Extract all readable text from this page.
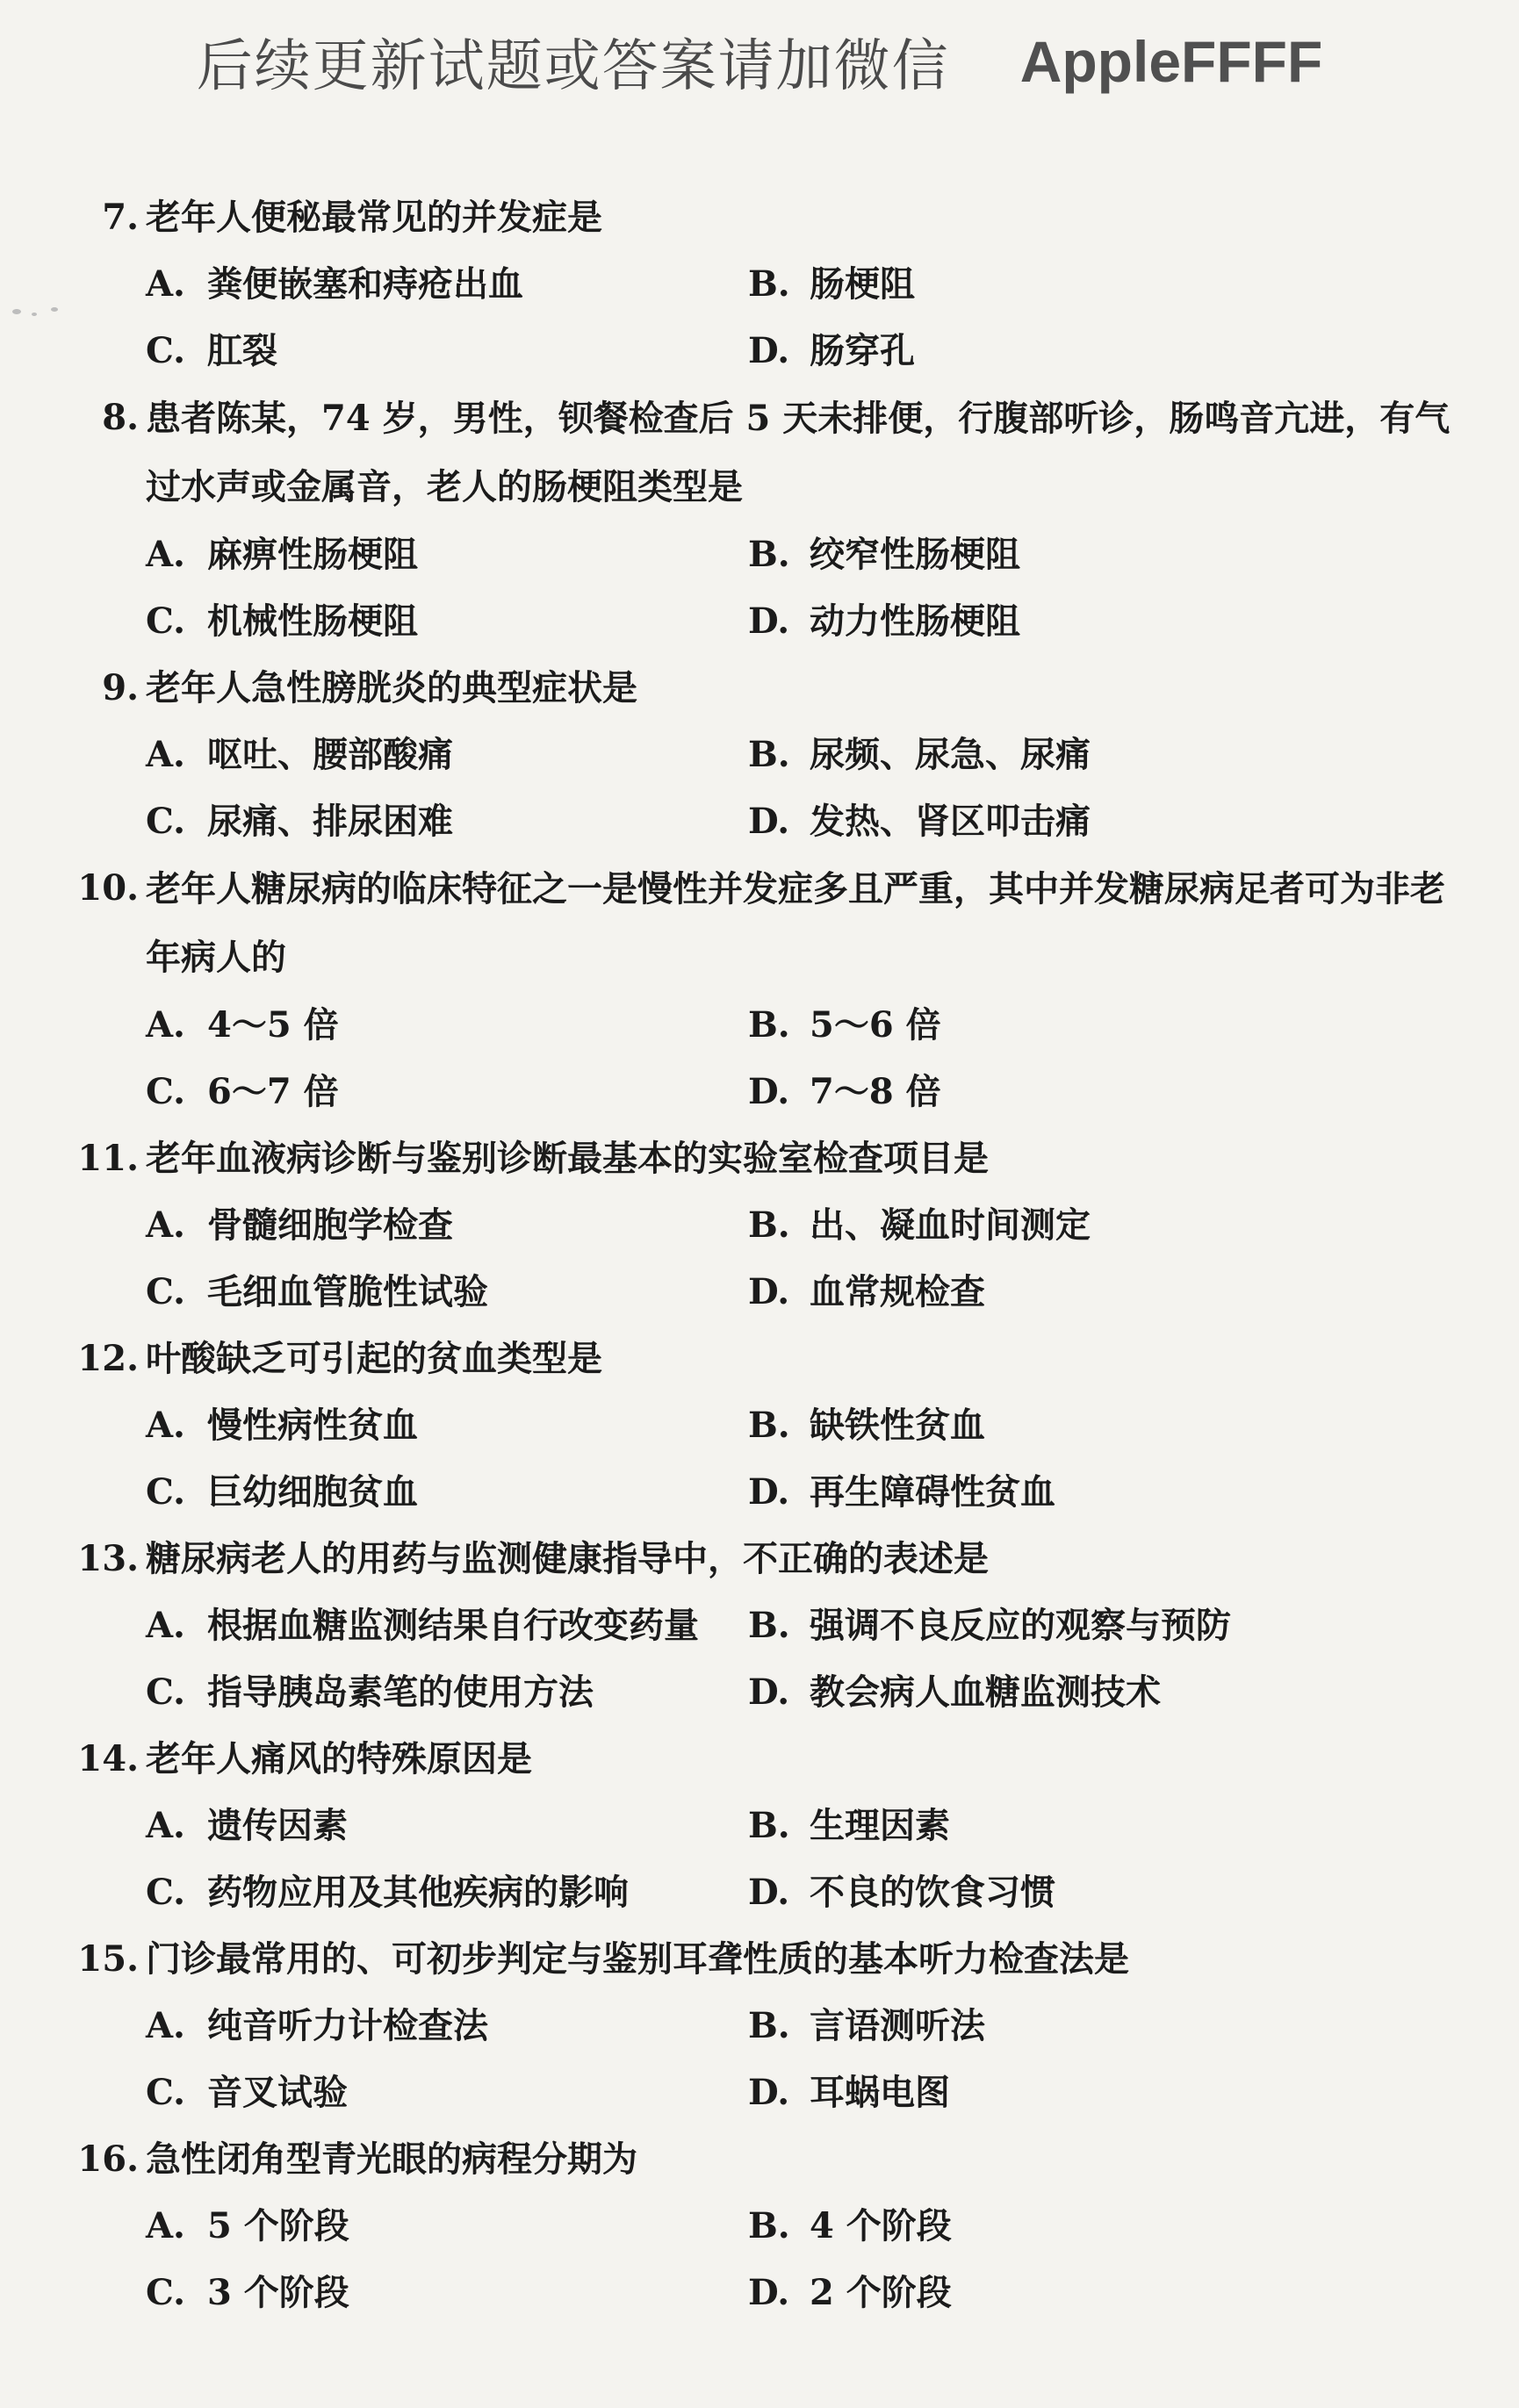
后续更新试题或答案请加微信 AppleFFFF
7. 老年人便秘最常见的并发症是
A. 粪便嵌塞和痔疮出血	B. 肠梗阻
C. 肛裂	D. 肠穿孔
8. 患者陈某，74 岁，男性，钡餐检查后 5 天未排便，行腹部听诊，肠鸣音亢进，有气过水声或金属音，老人的肠梗阻类型是
A. 麻痹性肠梗阻	B. 绞窄性肠梗阻
C. 机械性肠梗阻	D. 动力性肠梗阻
9. 老年人急性膀胱炎的典型症状是
A. 呕吐、腰部酸痛	B. 尿频、尿急、尿痛
C. 尿痛、排尿困难	D. 发热、肾区叩击痛
10. 老年人糖尿病的临床特征之一是慢性并发症多且严重，其中并发糖尿病足者可为非老年病人的
A. 4～5 倍	B. 5～6 倍
C. 6～7 倍	D. 7～8 倍
11. 老年血液病诊断与鉴别诊断最基本的实验室检查项目是
A. 骨髓细胞学检查	B. 出、凝血时间测定
C. 毛细血管脆性试验	D. 血常规检查
12. 叶酸缺乏可引起的贫血类型是
A. 慢性病性贫血	B. 缺铁性贫血
C. 巨幼细胞贫血	D. 再生障碍性贫血
13. 糖尿病老人的用药与监测健康指导中，不正确的表述是
A. 根据血糖监测结果自行改变药量 B. 强调不良反应的观察与预防
C. 指导胰岛素笔的使用方法	D. 教会病人血糖监测技术
14. 老年人痛风的特殊原因是
A. 遗传因素	B. 生理因素
C. 药物应用及其他疾病的影响	D. 不良的饮食习惯
15. 门诊最常用的、可初步判定与鉴别耳聋性质的基本听力检查法是
A. 纯音听力计检查法	B. 言语测听法
C. 音叉试验	D. 耳蜗电图
16. 急性闭角型青光眼的病程分期为
A. 5 个阶段	B. 4 个阶段
C. 3 个阶段	D. 2 个阶段
